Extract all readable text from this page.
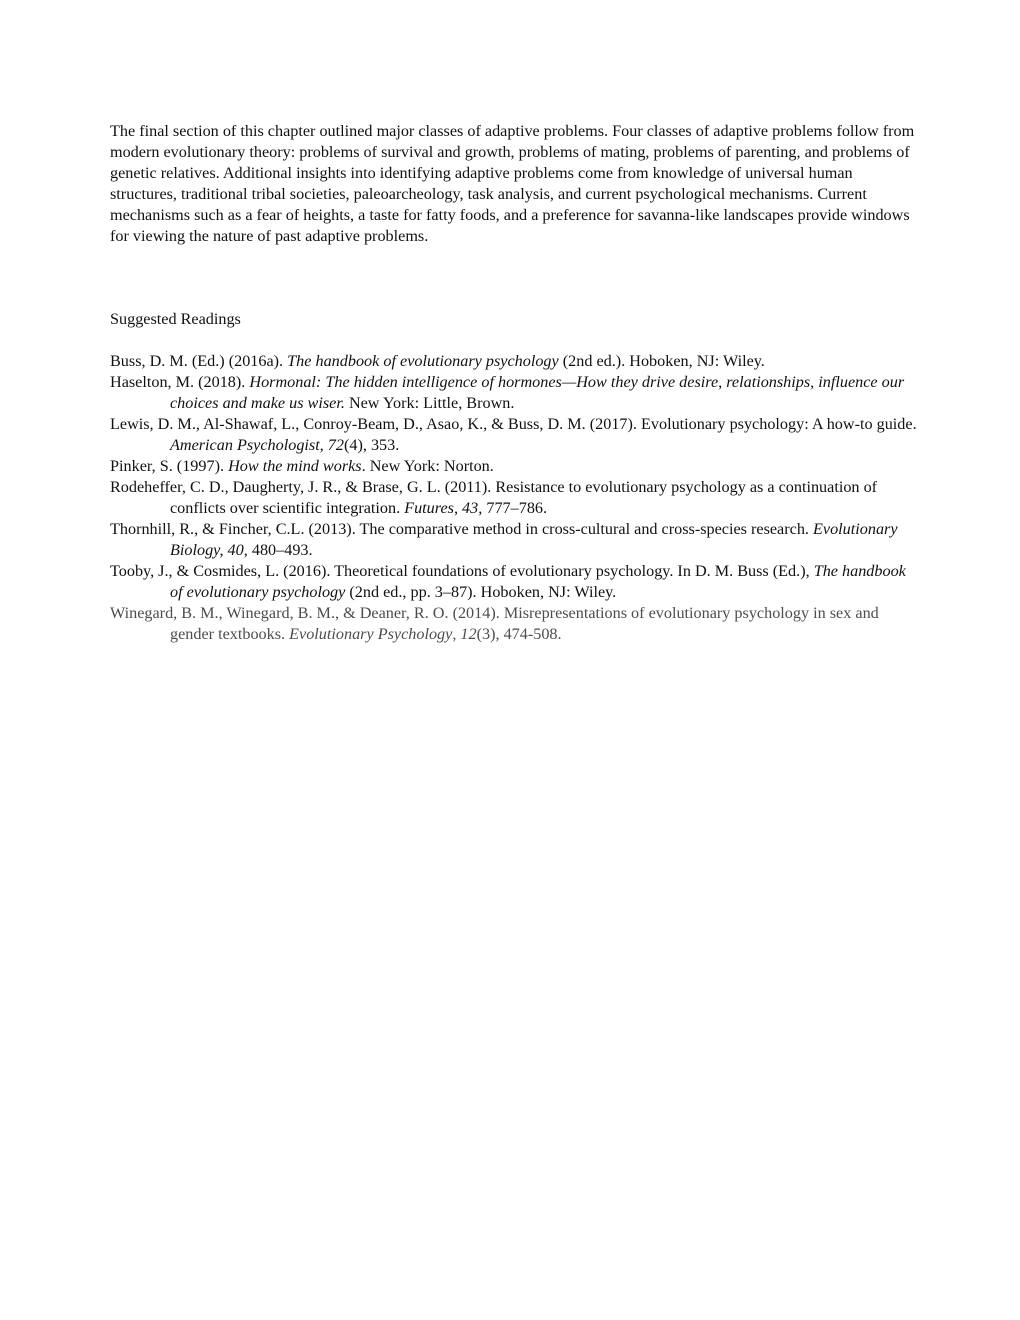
The final section of this chapter outlined major classes of adaptive problems. Four classes of adaptive problems follow from modern evolutionary theory: problems of survival and growth, problems of mating, problems of parenting, and problems of genetic relatives. Additional insights into identifying adaptive problems come from knowledge of universal human structures, traditional tribal societies, paleoarcheology, task analysis, and current psychological mechanisms. Current mechanisms such as a fear of heights, a taste for fatty foods, and a preference for savanna-like landscapes provide windows for viewing the nature of past adaptive problems.

Suggested Readings

Buss, D. M. (Ed.) (2016a). The handbook of evolutionary psychology (2nd ed.). Hoboken, NJ: Wiley.
Haselton, M. (2018). Hormonal: The hidden intelligence of hormones—How they drive desire, relationships, influence our choices and make us wiser. New York: Little, Brown.
Lewis, D. M., Al-Shawaf, L., Conroy-Beam, D., Asao, K., & Buss, D. M. (2017). Evolutionary psychology: A how-to guide. American Psychologist, 72(4), 353.
Pinker, S. (1997). How the mind works. New York: Norton.
Rodeheffer, C. D., Daugherty, J. R., & Brase, G. L. (2011). Resistance to evolutionary psychology as a continuation of conflicts over scientific integration. Futures, 43, 777–786.
Thornhill, R., & Fincher, C.L. (2013). The comparative method in cross-cultural and cross-species research. Evolutionary Biology, 40, 480–493.
Tooby, J., & Cosmides, L. (2016). Theoretical foundations of evolutionary psychology. In D. M. Buss (Ed.), The handbook of evolutionary psychology (2nd ed., pp. 3–87). Hoboken, NJ: Wiley.
Winegard, B. M., Winegard, B. M., & Deaner, R. O. (2014). Misrepresentations of evolutionary psychology in sex and gender textbooks. Evolutionary Psychology, 12(3), 474-508.
